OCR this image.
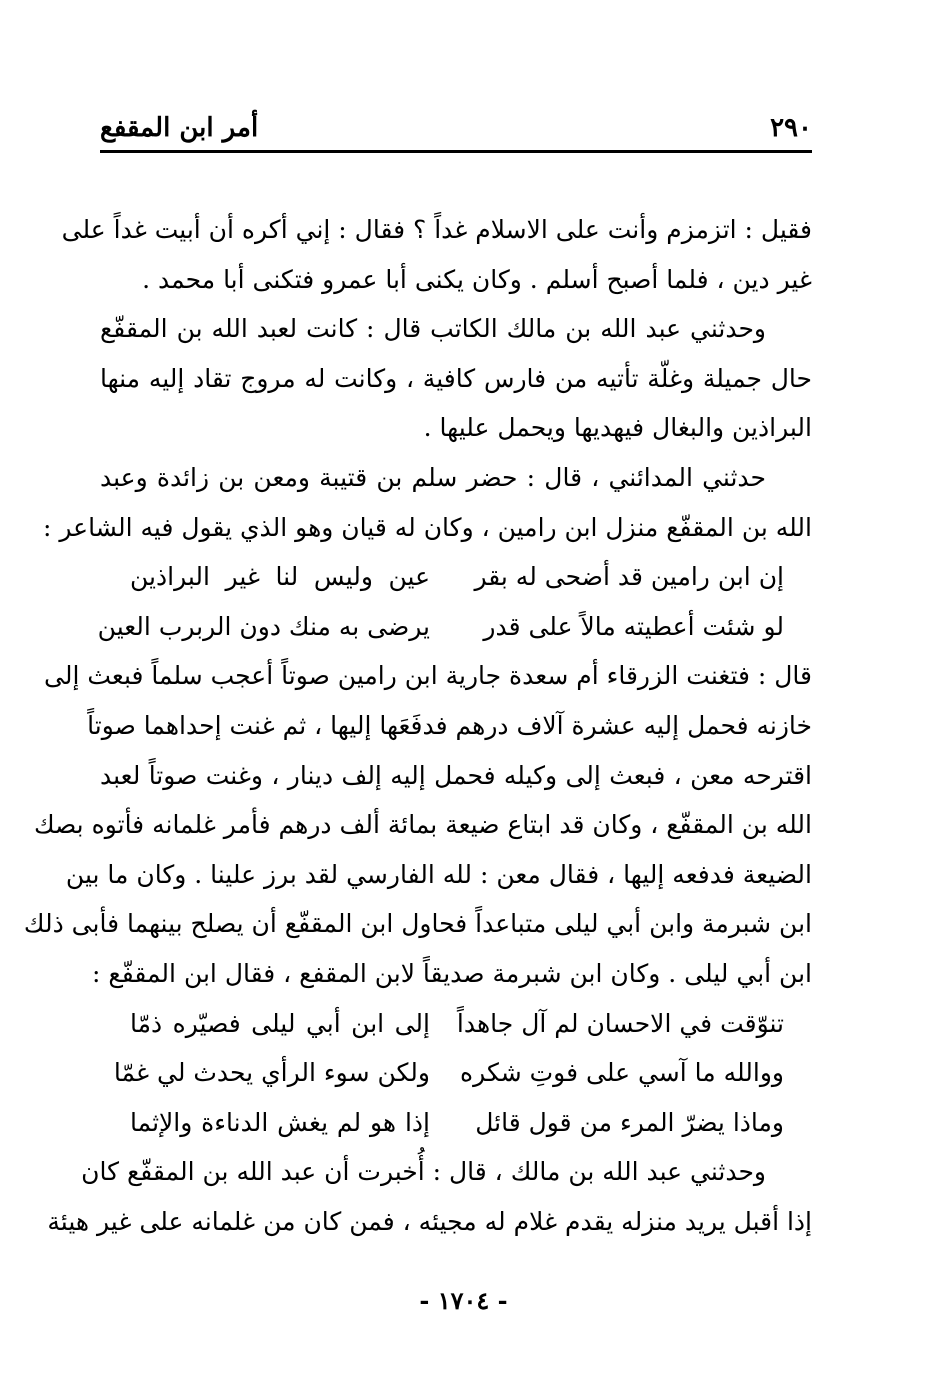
٢٩٠
أمر ابن المقفع
فقيل : اتزمزم وأنت على الاسلام غداً ؟ فقال : إني أكره أن أبيت غداً على
غير دين ، فلما أصبح أسلم . وكان يكنى أبا عمرو فتكنى أبا محمد .
وحدثني عبد الله بن مالك الكاتب قال : كانت لعبد الله بن المقفّع
حال جميلة وغلّة تأتيه من فارس كافية ، وكانت له مروج تقاد إليه منها
البراذين والبغال فيهديها ويحمل عليها .
حدثني المدائني ، قال : حضر سلم بن قتيبة ومعن بن زائدة وعبد
الله بن المقفّع منزل ابن رامين ، وكان له قيان وهو الذي يقول فيه الشاعر :
إن ابن رامين قد أضحى له بقر
عين وليس لنا غير البراذين
لو شئت أعطيته مالاً على قدر
يرضى به منك دون الربرب العين
قال : فتغنت الزرقاء أم سعدة جارية ابن رامين صوتاً أعجب سلماً فبعث إلى
خازنه فحمل إليه عشرة آلاف درهم فدفَعَها إليها ، ثم غنت إحداهما صوتاً
اقترحه معن ، فبعث إلى وكيله فحمل إليه إلف دينار ، وغنت صوتاً لعبد
الله بن المقفّع ، وكان قد ابتاع ضيعة بمائة ألف درهم فأمر غلمانه فأتوه بصك
الضيعة فدفعه إليها ، فقال معن : لله الفارسي لقد برز علينا . وكان ما بين
ابن شبرمة وابن أبي ليلى متباعداً فحاول ابن المقفّع أن يصلح بينهما فأبى ذلك
ابن أبي ليلى . وكان ابن شبرمة صديقاً لابن المقفع ، فقال ابن المقفّع :
تنوّقت في الاحسان لم آل جاهداً
إلى ابن أبي ليلى فصيّره ذمّا
ووالله ما آسي على فوتِ شكره
ولكن سوء الرأي يحدث لي غمّا
وماذا يضرّ المرء من قول قائل
إذا هو لم يغش الدناءة والإثما
وحدثني عبد الله بن مالك ، قال : أُخبرت أن عبد الله بن المقفّع كان
إذا أقبل يريد منزله يقدم غلام له مجيئه ، فمن كان من غلمانه على غير هيئة
- ١٧٠٤ -
